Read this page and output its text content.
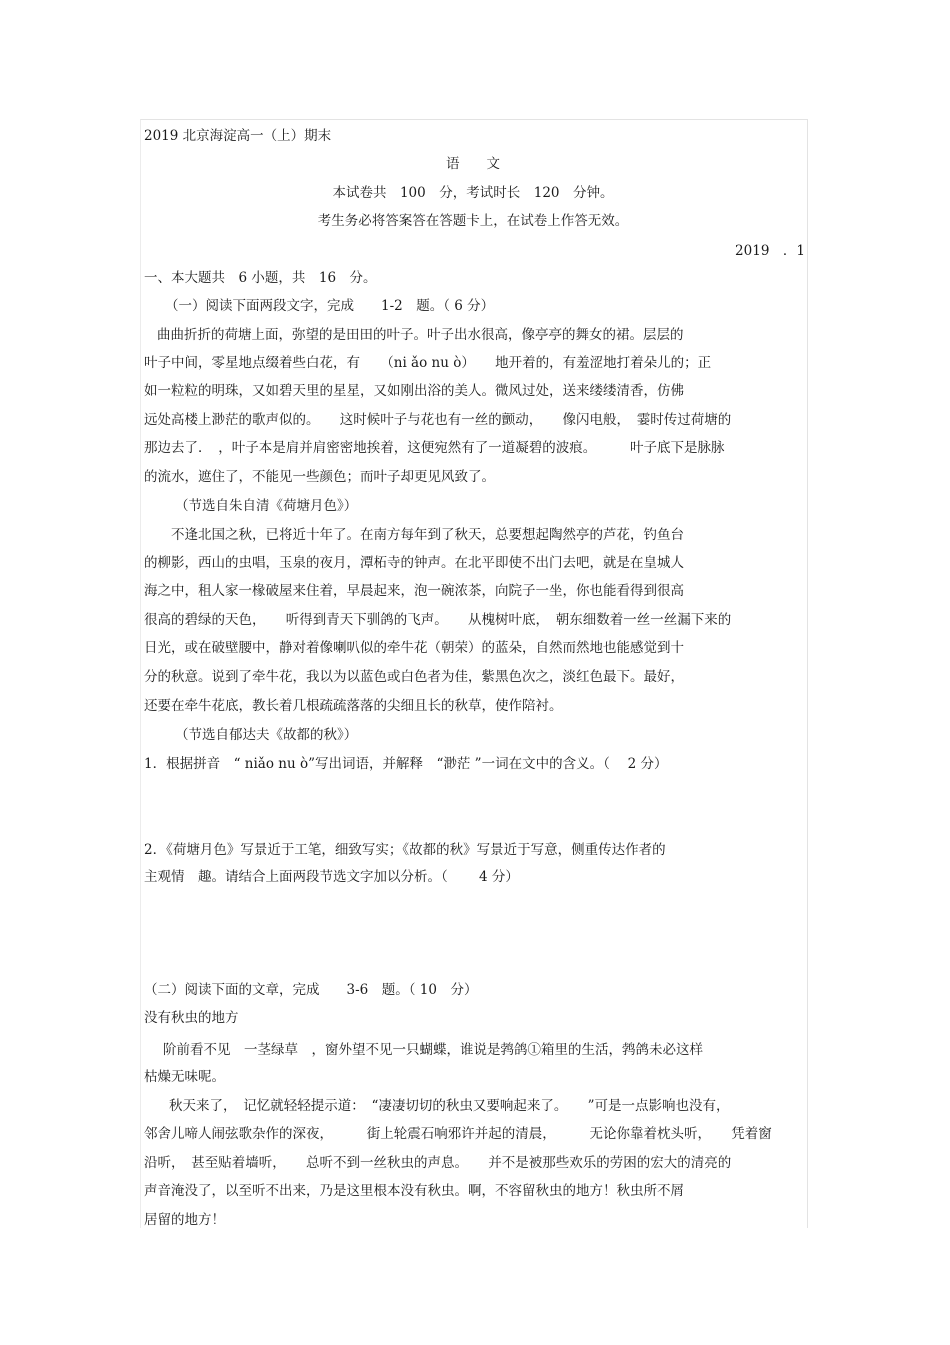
2019 北京海淀高一（上）期末
语　　文
本试卷共　100　分，考试时长　120　分钟。
考生务必将答案答在答题卡上，在试卷上作答无效。
2019　．1
一、本大题共　6 小题，共　16　分。
（一）阅读下面两段文字，完成　　1-2　题。（ 6 分）
曲曲折折的荷塘上面，弥望的是田田的叶子。叶子出水很高，像亭亭的舞女的裙。层层的
叶子中间，零星地点缀着些白花，有　　（ni ǎo nu ò）　　地开着的，有羞涩地打着朵儿的；正
如一粒粒的明珠，又如碧天里的星星，又如刚出浴的美人。微风过处，送来缕缕清香，仿佛
远处高楼上渺茫的歌声似的。　　这时候叶子与花也有一丝的颤动，　　像闪电般，　霎时传过荷塘的
那边去了．　，叶子本是肩并肩密密地挨着，这便宛然有了一道凝碧的波痕。　　　叶子底下是脉脉
的流水，遮住了，不能见一些颜色；而叶子却更见风致了。
（节选自朱自清《荷塘月色》）
不逢北国之秋，已将近十年了。在南方每年到了秋天，总要想起陶然亭的芦花，钓鱼台
的柳影，西山的虫唱，玉泉的夜月，潭柘寺的钟声。在北平即使不出门去吧，就是在皇城人
海之中，租人家一椽破屋来住着，早晨起来，泡一碗浓茶，向院子一坐，你也能看得到很高
很高的碧绿的天色，　　听得到青天下驯鸽的飞声。　　从槐树叶底，　朝东细数着一丝一丝漏下来的
日光，或在破壁腰中，静对着像喇叭似的牵牛花（朝荣）的蓝朵，自然而然地也能感觉到十
分的秋意。说到了牵牛花，我以为以蓝色或白色者为佳，紫黑色次之，淡红色最下。最好，
还要在牵牛花底，教长着几根疏疏落落的尖细且长的秋草，使作陪衬。
（节选自郁达夫《故都的秋》）
1．根据拼音　“ niǎo nu ò”写出词语，并解释　“渺茫 ”一词在文中的含义。（　 2 分）
2．《荷塘月色》写景近于工笔，细致写实；《故都的秋》写景近于写意，侧重传达作者的
主观情　趣。请结合上面两段节选文字加以分析。（　　 4 分）
（二）阅读下面的文章，完成　　3-6　题。（ 10　分）
没有秋虫的地方
阶前看不见　一茎绿草　，窗外望不见一只蝴蝶，谁说是鹁鸽①箱里的生活，鹁鸽未必这样
枯燥无味呢。
秋天来了，　记忆就轻轻提示道：　“凄凄切切的秋虫又要响起来了。　　”可是一点影响也没有，
邻舍儿啼人闹弦歌杂作的深夜，　　　街上轮震石响邪许并起的清晨，　　　无论你靠着枕头听，　　凭着窗
沿听，　甚至贴着墙听，　　总听不到一丝秋虫的声息。　　并不是被那些欢乐的劳困的宏大的清亮的
声音淹没了，以至听不出来，乃是这里根本没有秋虫。啊，不容留秋虫的地方！秋虫所不屑
居留的地方！
